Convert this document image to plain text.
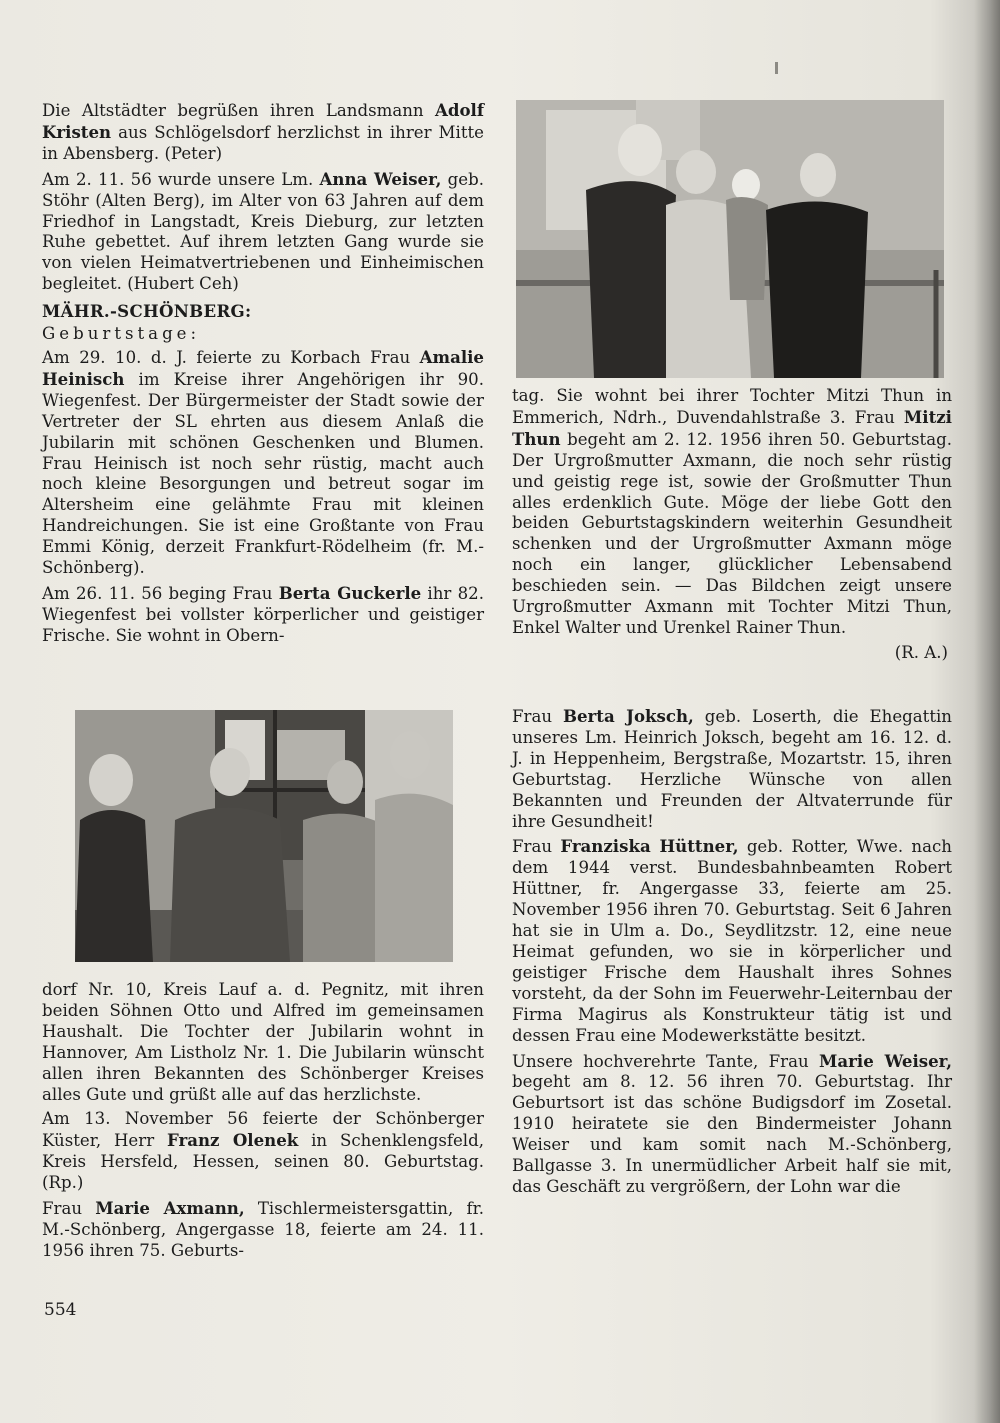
Die Altstädter begrüßen ihren Landsmann Adolf Kristen aus Schlögelsdorf herzlichst in ihrer Mitte in Abensberg. (Peter)

Am 2. 11. 56 wurde unsere Lm. Anna Weiser, geb. Stöhr (Alten Berg), im Alter von 63 Jahren auf dem Friedhof in Langstadt, Kreis Dieburg, zur letzten Ruhe gebettet. Auf ihrem letzten Gang wurde sie von vielen Heimatvertriebenen und Einheimischen begleitet. (Hubert Ceh)

MÄHR.-SCHÖNBERG:

Geburtstage:

Am 29. 10. d. J. feierte zu Korbach Frau Amalie Heinisch im Kreise ihrer Angehörigen ihr 90. Wiegenfest. Der Bürgermeister der Stadt sowie der Vertreter der SL ehrten aus diesem Anlaß die Jubilarin mit schönen Geschenken und Blumen. Frau Heinisch ist noch sehr rüstig, macht auch noch kleine Besorgungen und betreut sogar im Altersheim eine gelähmte Frau mit kleinen Handreichungen. Sie ist eine Großtante von Frau Emmi König, derzeit Frankfurt-Rödelheim (fr. M.-Schönberg).

Am 26. 11. 56 beging Frau Berta Guckerle ihr 82. Wiegenfest bei vollster körperlicher und geistiger Frische. Sie wohnt in Obern-

dorf Nr. 10, Kreis Lauf a. d. Pegnitz, mit ihren beiden Söhnen Otto und Alfred im gemeinsamen Haushalt. Die Tochter der Jubilarin wohnt in Hannover, Am Listholz Nr. 1. Die Jubilarin wünscht allen ihren Bekannten des Schönberger Kreises alles Gute und grüßt alle auf das herzlichste.

Am 13. November 56 feierte der Schönberger Küster, Herr Franz Olenek in Schenklengsfeld, Kreis Hersfeld, Hessen, seinen 80. Geburtstag. (Rp.)

Frau Marie Axmann, Tischlermeistersgattin, fr. M.-Schönberg, Angergasse 18, feierte am 24. 11. 1956 ihren 75. Geburts-

tag. Sie wohnt bei ihrer Tochter Mitzi Thun in Emmerich, Ndrh., Duvendahlstraße 3. Frau Mitzi Thun begeht am 2. 12. 1956 ihren 50. Geburtstag. Der Urgroßmutter Axmann, die noch sehr rüstig und geistig rege ist, sowie der Großmutter Thun alles erdenklich Gute. Möge der liebe Gott den beiden Geburtstagskindern weiterhin Gesundheit schenken und der Urgroßmutter Axmann möge noch ein langer, glücklicher Lebensabend beschieden sein. — Das Bildchen zeigt unsere Urgroßmutter Axmann mit Tochter Mitzi Thun, Enkel Walter und Urenkel Rainer Thun.

(R. A.)

Frau Berta Joksch, geb. Loserth, die Ehegattin unseres Lm. Heinrich Joksch, begeht am 16. 12. d. J. in Heppenheim, Bergstraße, Mozartstr. 15, ihren Geburtstag. Herzliche Wünsche von allen Bekannten und Freunden der Altvaterrunde für ihre Gesundheit!

Frau Franziska Hüttner, geb. Rotter, Wwe. nach dem 1944 verst. Bundesbahnbeamten Robert Hüttner, fr. Angergasse 33, feierte am 25. November 1956 ihren 70. Geburtstag. Seit 6 Jahren hat sie in Ulm a. Do., Seydlitzstr. 12, eine neue Heimat gefunden, wo sie in körperlicher und geistiger Frische dem Haushalt ihres Sohnes vorsteht, da der Sohn im Feuerwehr-Leiternbau der Firma Magirus als Konstrukteur tätig ist und dessen Frau eine Modewerkstätte besitzt.

Unsere hochverehrte Tante, Frau Marie Weiser, begeht am 8. 12. 56 ihren 70. Geburtstag. Ihr Geburtsort ist das schöne Budigsdorf im Zosetal. 1910 heiratete sie den Bindermeister Johann Weiser und kam somit nach M.-Schönberg, Ballgasse 3. In unermüdlicher Arbeit half sie mit, das Geschäft zu vergrößern, der Lohn war die

554
